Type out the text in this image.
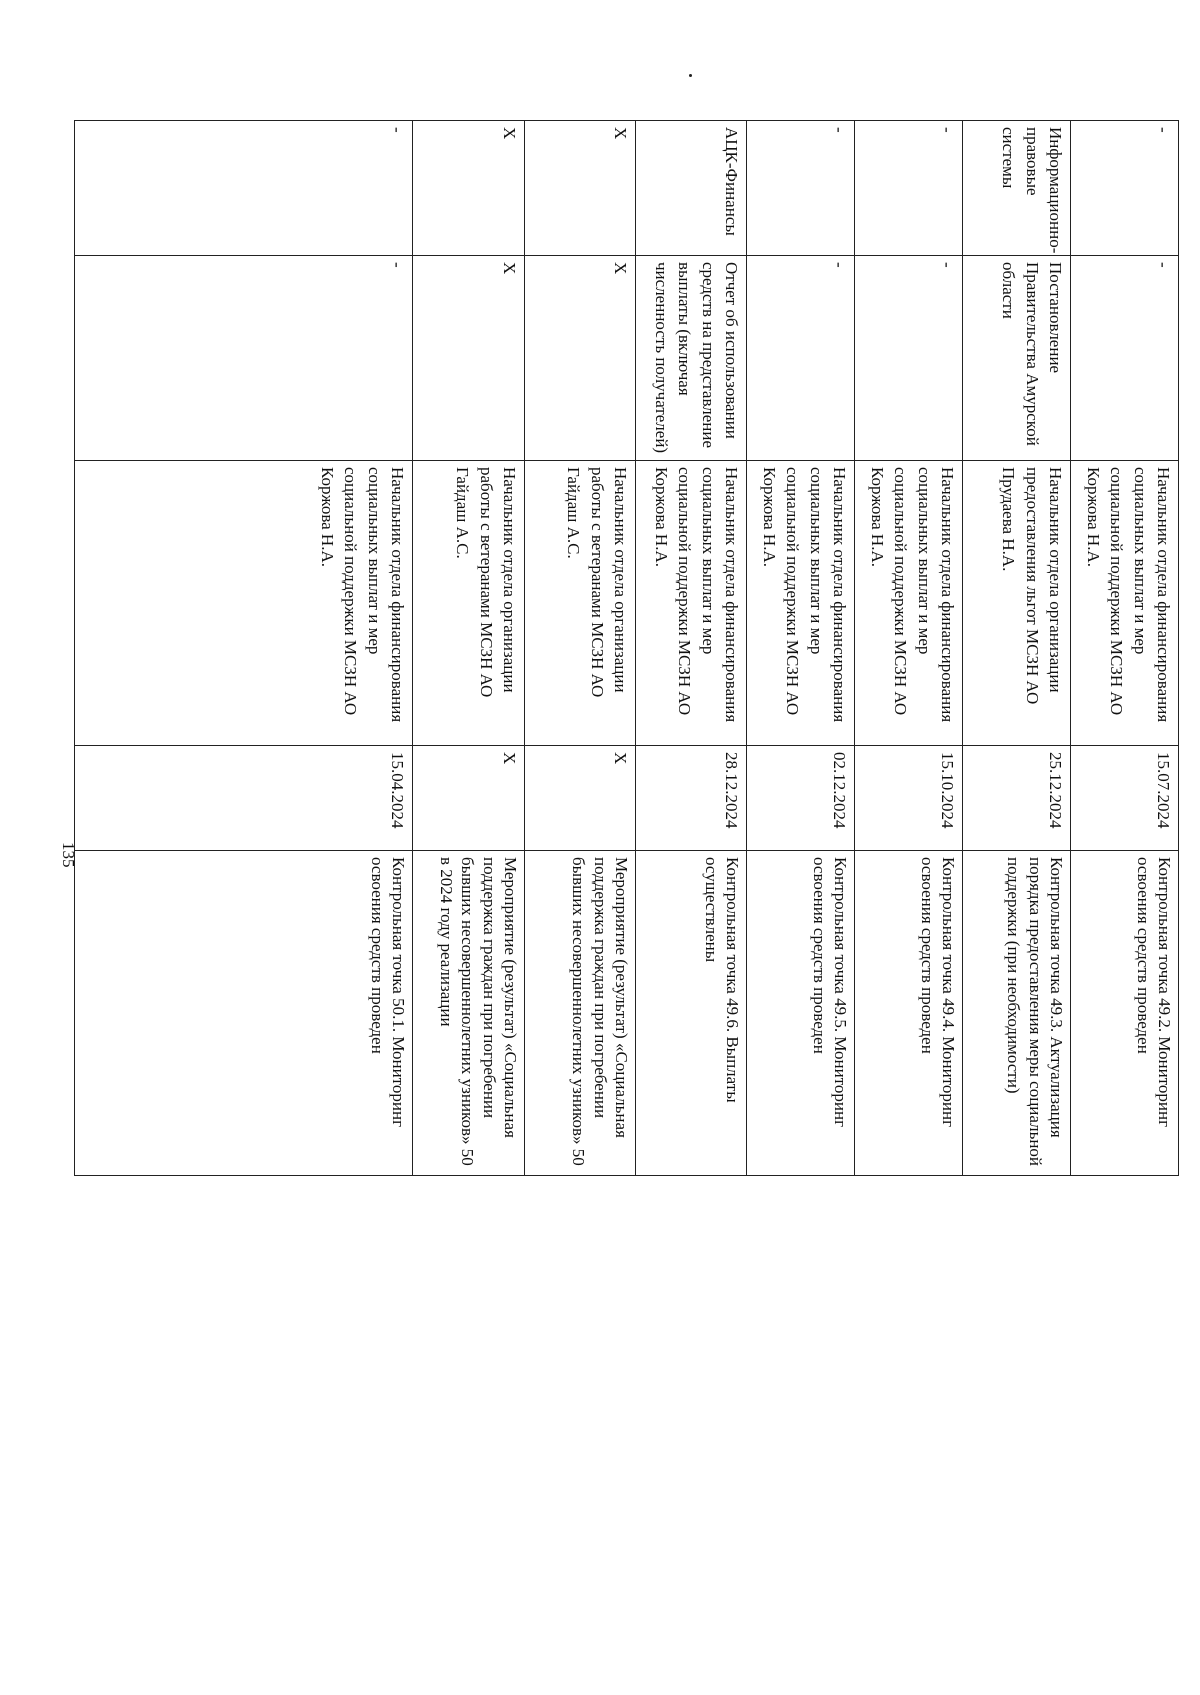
135
-	-	Начальник отдела финансирования социальных выплат и мер социальной поддержки МСЗН АО Коржова Н.А.	15.07.2024	Контрольная точка 49.2. Мониторинг освоения средств проведен
Информационно-правовые системы	Постановление Правительства Амурской области	Начальник отдела организации предоставления льгот МСЗН АО Прудаева Н.А.	25.12.2024	Контрольная точка 49.3. Актуализация порядка предоставления меры социальной поддержки (при необходимости)
-	-	Начальник отдела финансирования социальных выплат и мер социальной поддержки МСЗН АО Коржова Н.А.	15.10.2024	Контрольная точка 49.4. Мониторинг освоения средств проведен
-	-	Начальник отдела финансирования социальных выплат и мер социальной поддержки МСЗН АО Коржова Н.А.	02.12.2024	Контрольная точка 49.5. Мониторинг освоения средств проведен
АЦК-Финансы	Отчет об использовании средств на представление выплаты (включая численность получателей)	Начальник отдела финансирования социальных выплат и мер социальной поддержки МСЗН АО Коржова Н.А.	28.12.2024	Контрольная точка 49.6. Выплаты осуществлены
X	X	Начальник отдела организации работы с ветеранами МСЗН АО Гайдаш А.С.	X	Мероприятие (результат) «Социальная поддержка граждан при погребении бывших несовершеннолетних узников» 50
X	X	Начальник отдела организации работы с ветеранами МСЗН АО Гайдаш А.С.	X	Мероприятие (результат) «Социальная поддержка граждан при погребении бывших несовершеннолетних узников» 50 в 2024 году реализации
-	-	Начальник отдела финансирования социальных выплат и мер социальной поддержки МСЗН АО Коржова Н.А.	15.04.2024	Контрольная точка 50.1. Мониторинг освоения средств проведен
